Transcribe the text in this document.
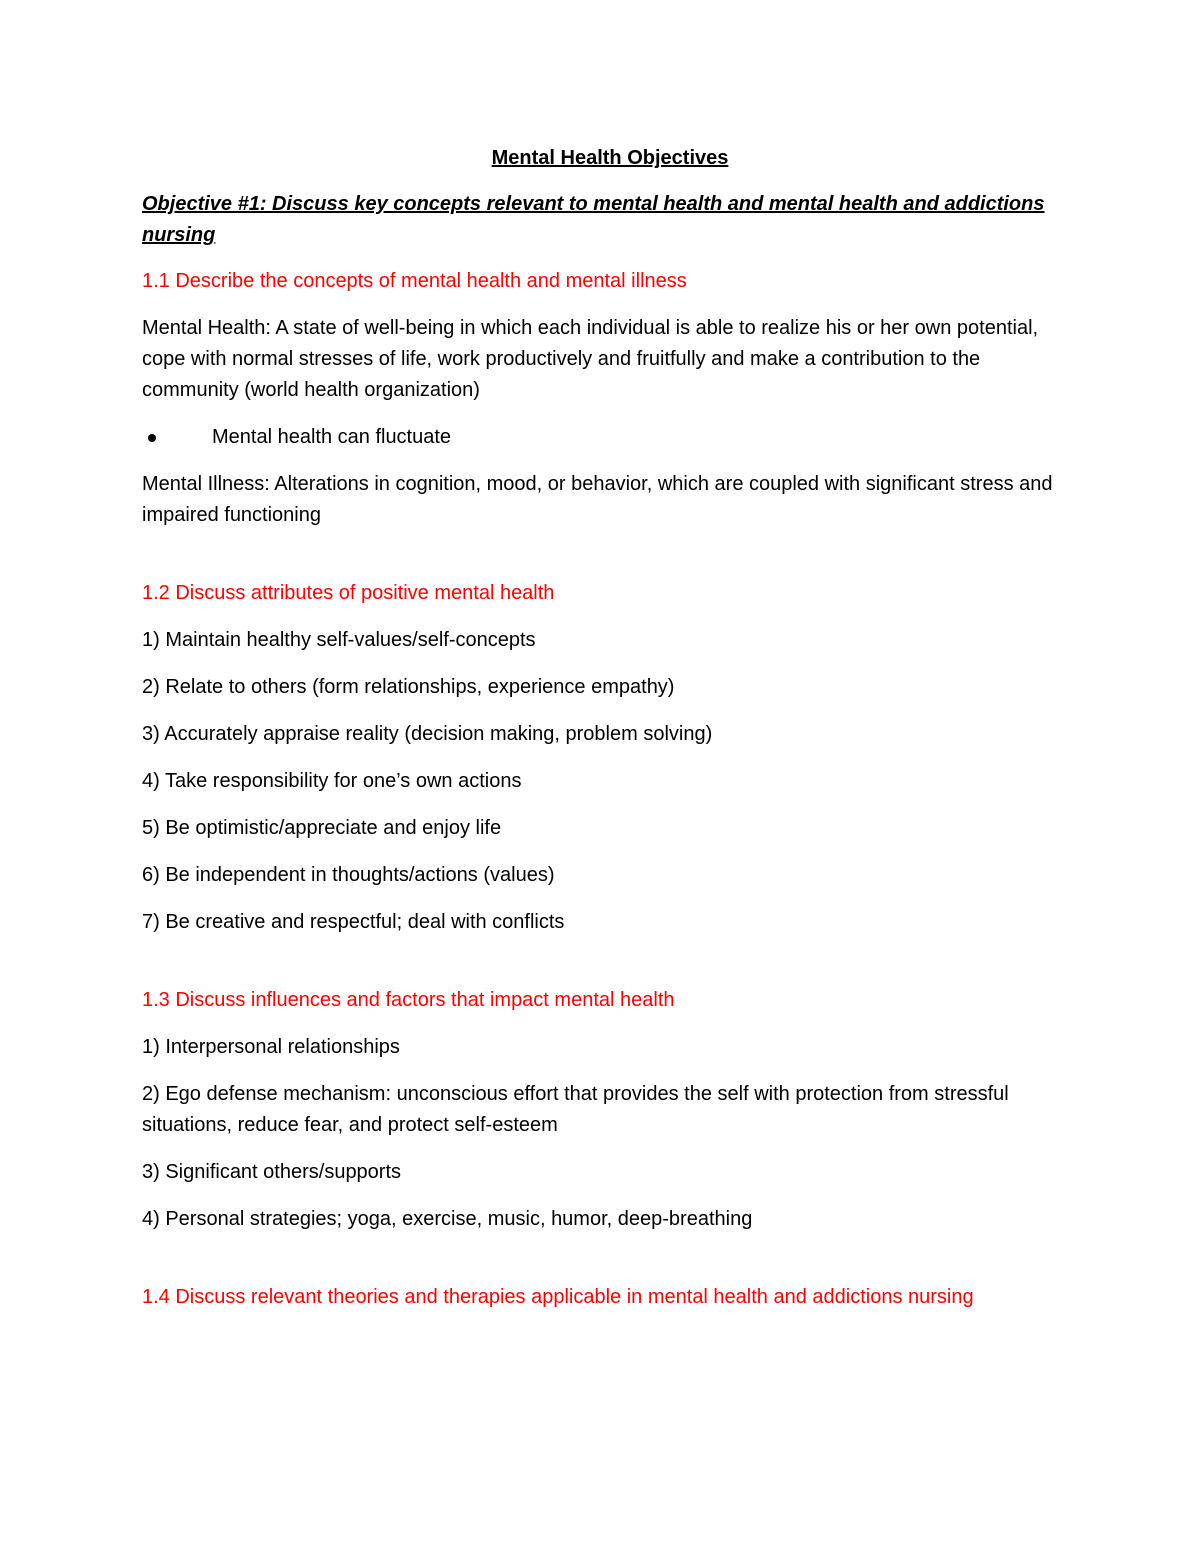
Mental Health Objectives

Objective #1: Discuss key concepts relevant to mental health and mental health and addictions nursing

1.1 Describe the concepts of mental health and mental illness

Mental Health: A state of well-being in which each individual is able to realize his or her own potential, cope with normal stresses of life, work productively and fruitfully and make a contribution to the community (world health organization)

Mental health can fluctuate

Mental Illness: Alterations in cognition, mood, or behavior, which are coupled with significant stress and impaired functioning

1.2 Discuss attributes of positive mental health

1) Maintain healthy self-values/self-concepts

2) Relate to others (form relationships, experience empathy)

3) Accurately appraise reality (decision making, problem solving)

4) Take responsibility for one’s own actions

5) Be optimistic/appreciate and enjoy life

6) Be independent in thoughts/actions (values)

7) Be creative and respectful; deal with conflicts

1.3 Discuss influences and factors that impact mental health

1) Interpersonal relationships

2) Ego defense mechanism: unconscious effort that provides the self with protection from stressful situations, reduce fear, and protect self-esteem

3) Significant others/supports

4) Personal strategies; yoga, exercise, music, humor, deep-breathing

1.4 Discuss relevant theories and therapies applicable in mental health and addictions nursing
